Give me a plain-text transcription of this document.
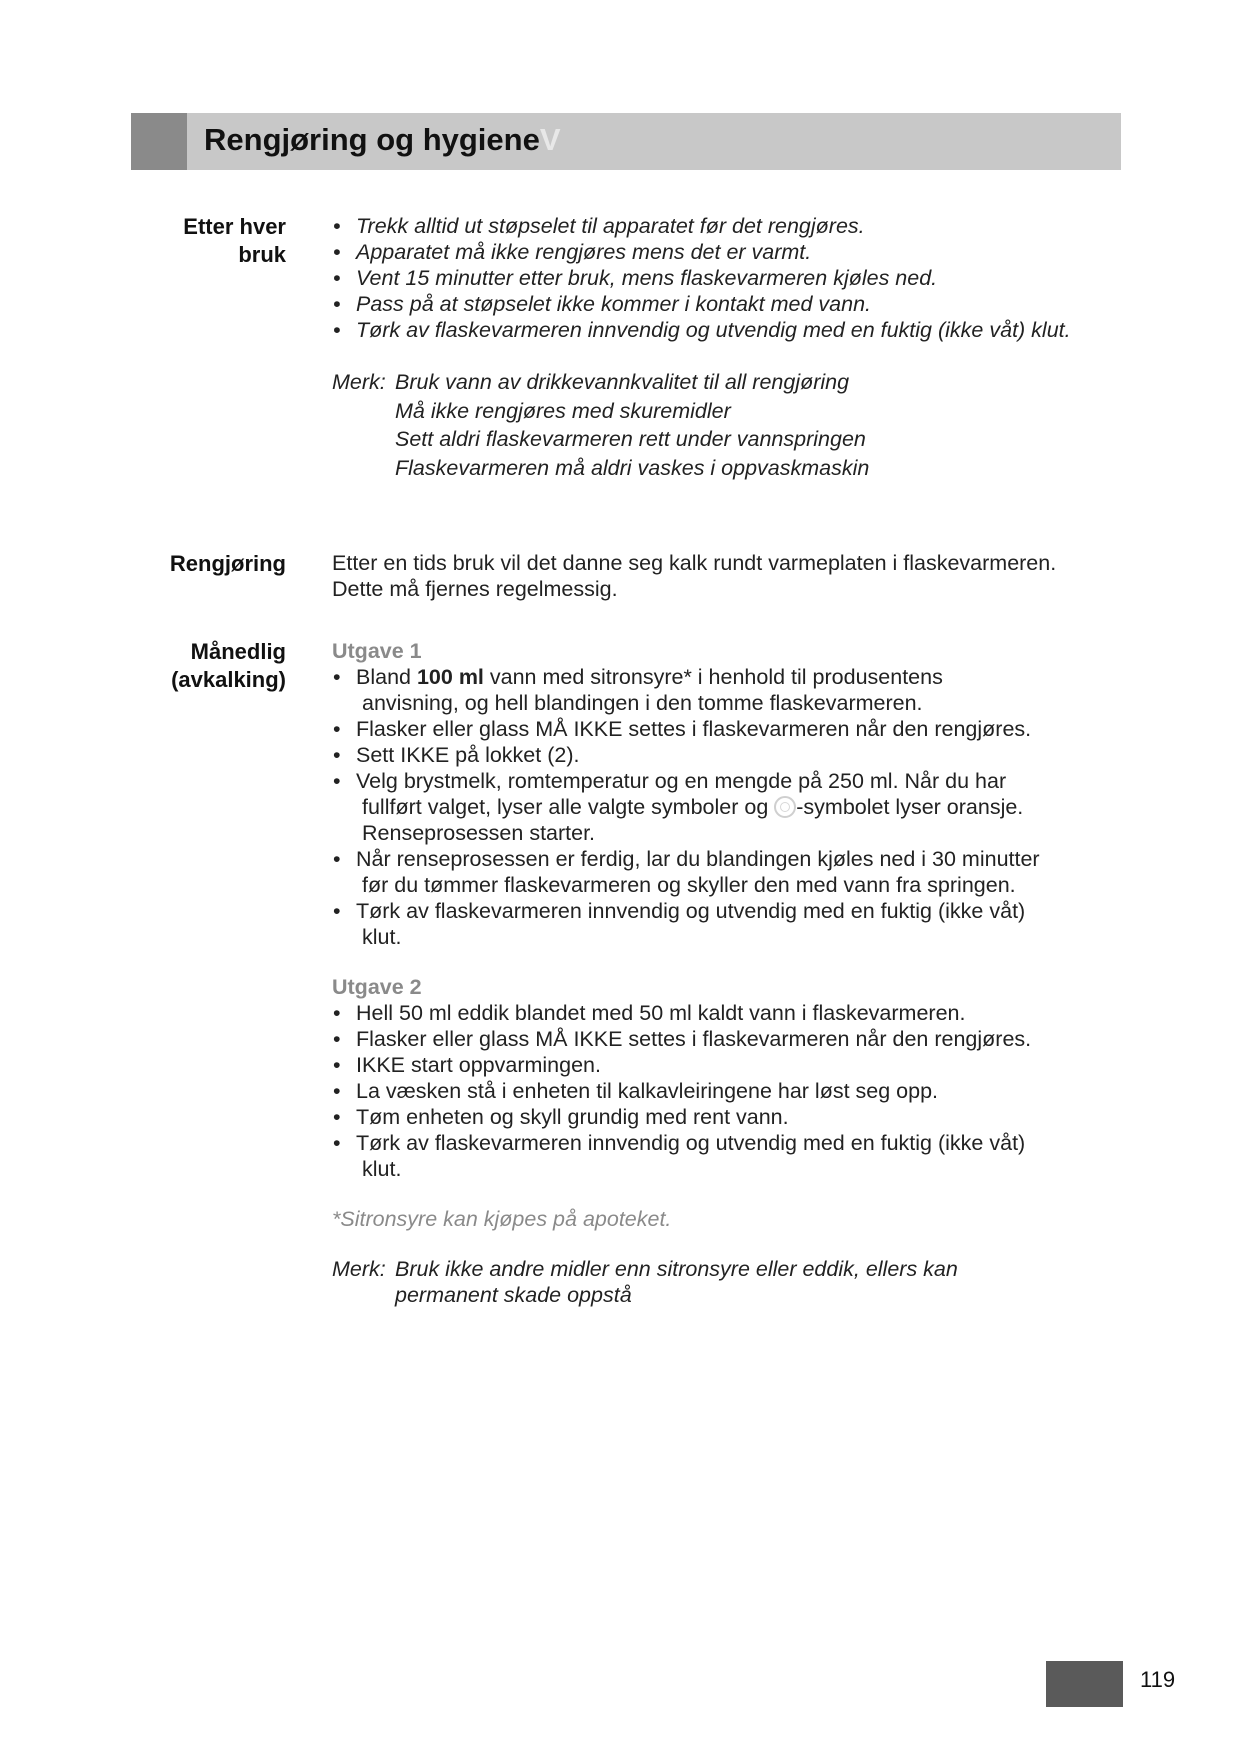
Rengjøring og hygieneV
Etter hver
bruk
• Trekk alltid ut støpselet til apparatet før det rengjøres.
• Apparatet må ikke rengjøres mens det er varmt.
• Vent 15 minutter etter bruk, mens flaskevarmeren kjøles ned.
• Pass på at støpselet ikke kommer i kontakt med vann.
• Tørk av flaskevarmeren innvendig og utvendig med en fuktig (ikke våt) klut.
Merk: Bruk vann av drikkevannkvalitet til all rengjøring
Må ikke rengjøres med skuremidler
Sett aldri flaskevarmeren rett under vannspringen
Flaskevarmeren må aldri vaskes i oppvaskmaskin
Rengjøring Etter en tids bruk vil det danne seg kalk rundt varmeplaten i flaskevarmeren.
Dette må fjernes regelmessig.
Månedlig
(avkalking)
Utgave 1
• Bland 100 ml vann med sitronsyre* i henhold til produsentens
anvisning, og hell blandingen i den tomme flaskevarmeren.
• Flasker eller glass MÅ IKKE settes i flaskevarmeren når den rengjøres.
• Sett IKKE på lokket (2).
• Velg brystmelk, romtemperatur og en mengde på 250 ml. Når du har
fullført valget, lyser alle valgte symboler og -symbolet lyser oransje.
Renseprosessen starter.
• Når renseprosessen er ferdig, lar du blandingen kjøles ned i 30 minutter
før du tømmer flaskevarmeren og skyller den med vann fra springen.
• Tørk av flaskevarmeren innvendig og utvendig med en fuktig (ikke våt)
klut.
Utgave 2
• Hell 50 ml eddik blandet med 50 ml kaldt vann i flaskevarmeren.
• Flasker eller glass MÅ IKKE settes i flaskevarmeren når den rengjøres.
• IKKE start oppvarmingen.
• La væsken stå i enheten til kalkavleiringene har løst seg opp.
• Tøm enheten og skyll grundig med rent vann.
• Tørk av flaskevarmeren innvendig og utvendig med en fuktig (ikke våt)
klut.
*Sitronsyre kan kjøpes på apoteket.
Merk: Bruk ikke andre midler enn sitronsyre eller eddik, ellers kan
permanent skade oppstå
119
